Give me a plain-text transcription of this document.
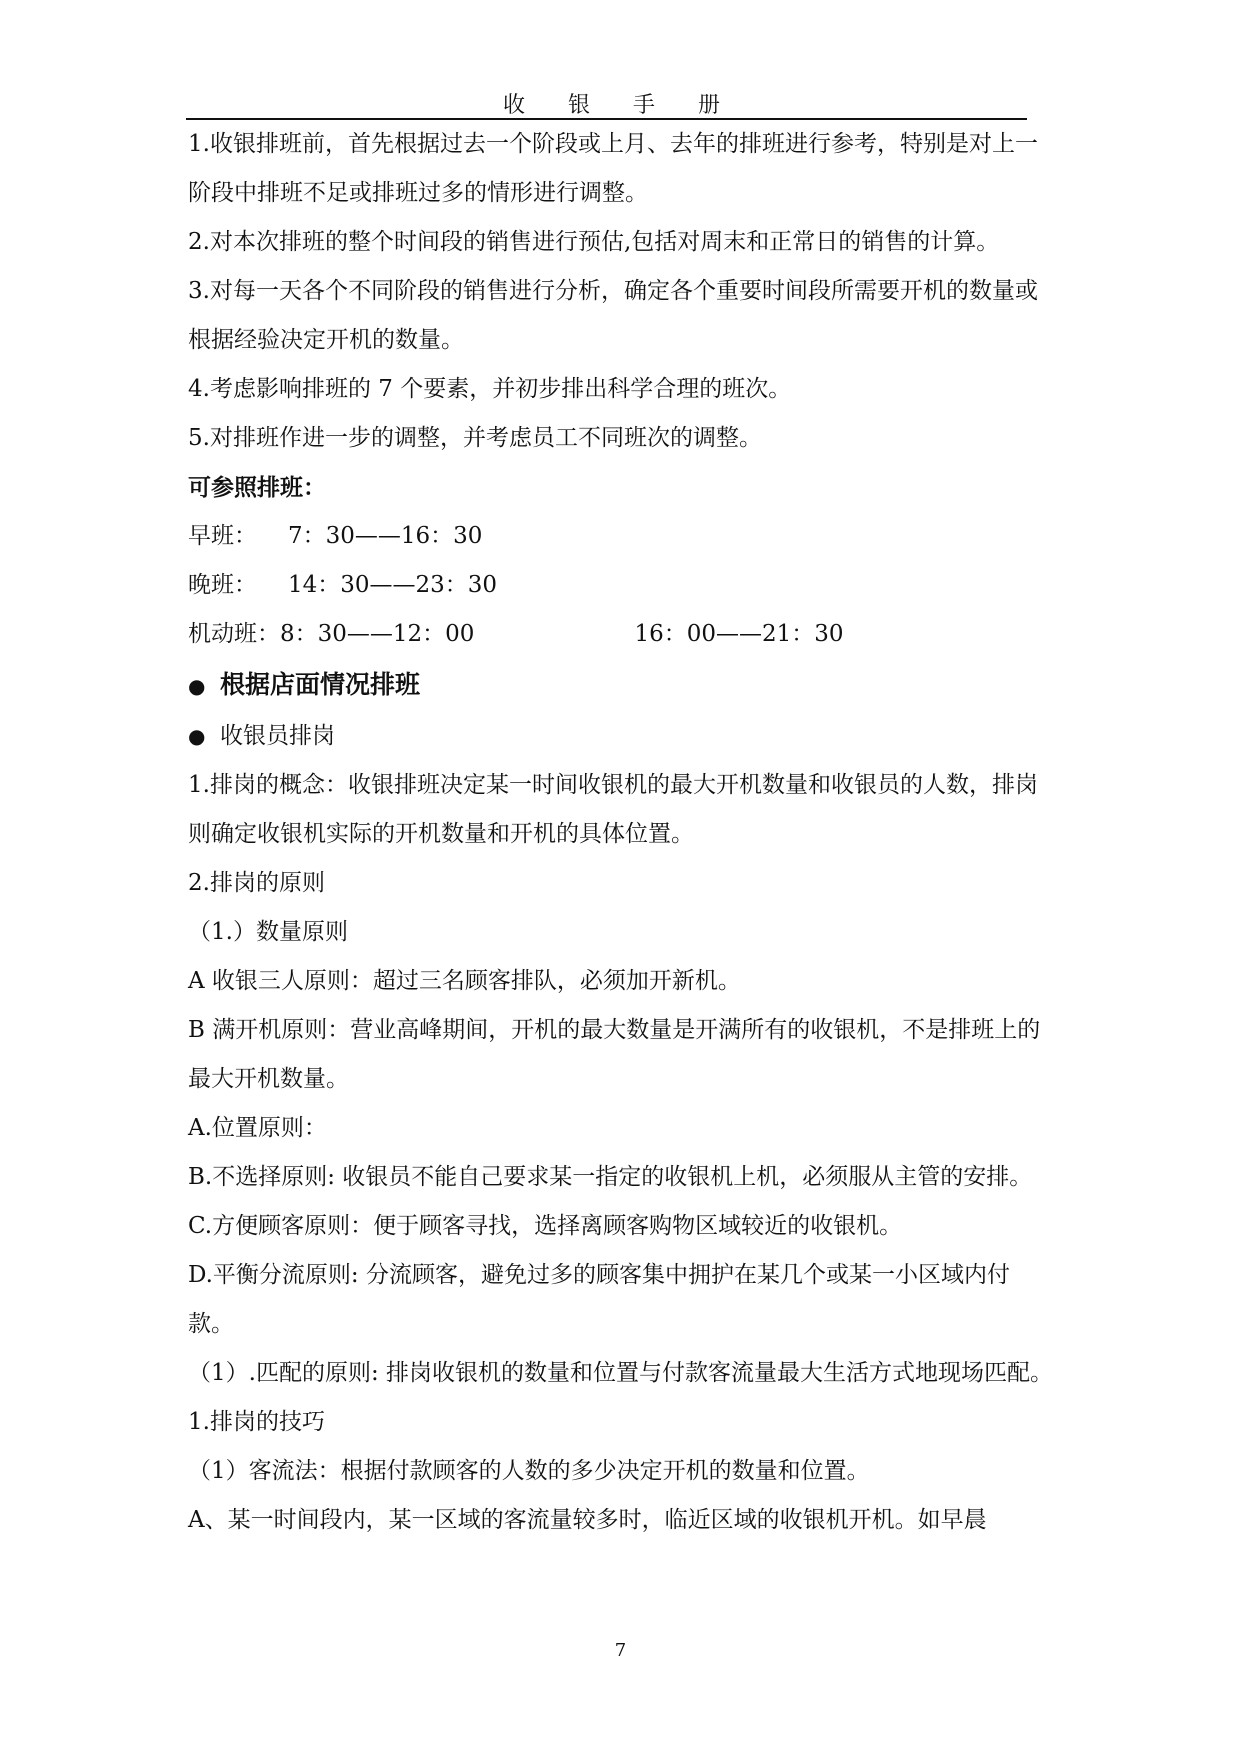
收 银 手 册

1.收银排班前，首先根据过去一个阶段或上月、去年的排班进行参考，特别是对上一阶段中排班不足或排班过多的情形进行调整。

2.对本次排班的整个时间段的销售进行预估,包括对周末和正常日的销售的计算。

3.对每一天各个不同阶段的销售进行分析，确定各个重要时间段所需要开机的数量或根据经验决定开机的数量。

4.考虑影响排班的 7 个要素，并初步排出科学合理的班次。

5.对排班作进一步的调整，并考虑员工不同班次的调整。

可参照排班：

早班： 7：30——16：30

晚班： 14：30——23：30

机动班：8：30——12：00	16：00——21：30

● 根据店面情况排班

● 收银员排岗

1.排岗的概念：收银排班决定某一时间收银机的最大开机数量和收银员的人数，排岗则确定收银机实际的开机数量和开机的具体位置。

2.排岗的原则

（1.）数量原则

A 收银三人原则：超过三名顾客排队，必须加开新机。

B 满开机原则：营业高峰期间，开机的最大数量是开满所有的收银机，不是排班上的最大开机数量。

A.位置原则：

B.不选择原则: 收银员不能自己要求某一指定的收银机上机，必须服从主管的安排。

C.方便顾客原则：便于顾客寻找，选择离顾客购物区域较近的收银机。

D.平衡分流原则: 分流顾客，避免过多的顾客集中拥护在某几个或某一小区域内付款。

（1）.匹配的原则: 排岗收银机的数量和位置与付款客流量最大生活方式地现场匹配。

1.排岗的技巧

（1）客流法：根据付款顾客的人数的多少决定开机的数量和位置。

A、某一时间段内，某一区域的客流量较多时，临近区域的收银机开机。如早晨

7
